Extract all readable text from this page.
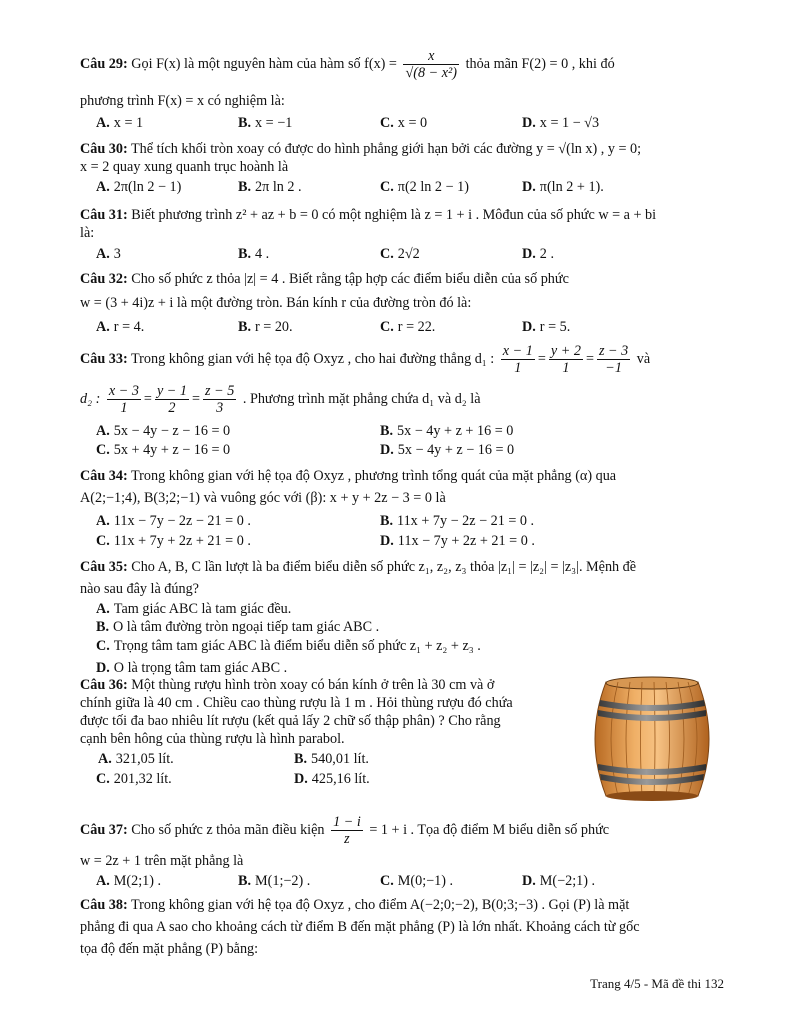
Câu 29: Gọi F(x) là một nguyên hàm của hàm số $f(x) = \frac{x}{\text{√(8 − x²)}}$ thỏa mãn F(2) = 0 , khi đó
phương trình F(x) = x có nghiệm là:
A. x = 1	B. x = −1	C. x = 0	D. x = 1 − √3
Câu 30: Thể tích khối tròn xoay có được do hình phẳng giới hạn bởi các đường y = √(ln x) , y = 0;
x = 2 quay xung quanh trục hoành là
A. 2π(ln 2 − 1)	B. 2π ln 2 .	C. π(2 ln 2 − 1)	D. π(ln 2 + 1).
Câu 31: Biết phương trình z² + az + b = 0 có một nghiệm là z = 1 + i . Môđun của số phức w = a + bi
là:
A. 3	B. 4 .	C. 2√2	D. 2 .
Câu 32: Cho số phức z thỏa |z| = 4 . Biết rằng tập hợp các điểm biểu diễn của số phức
w = (3 + 4i)z + i là một đường tròn. Bán kính r của đường tròn đó là:
A. r = 4.	B. r = 20.	C. r = 22.	D. r = 5.
Câu 33: Trong không gian với hệ tọa độ Oxyz , cho hai đường thẳng d₁ : $\frac{x - 1}{1} = \frac{y + 2}{1} = \frac{z - 3}{-1}$ và
d₂ : $\frac{x - 3}{1} = \frac{y - 1}{2} = \frac{z - 5}{3}$ . Phương trình mặt phẳng chứa d₁ và d₂ là
A. 5x − 4y − z − 16 = 0	B. 5x − 4y + z + 16 = 0
C. 5x + 4y + z − 16 = 0	D. 5x − 4y + z − 16 = 0
Câu 34: Trong không gian với hệ tọa độ Oxyz , phương trình tổng quát của mặt phẳng (α) qua
A(2;−1;4), B(3;2;−1) và vuông góc với (β): x + y + 2z − 3 = 0 là
A. 11x − 7y − 2z − 21 = 0 .	B. 11x + 7y − 2z − 21 = 0 .
C. 11x + 7y + 2z + 21 = 0 .	D. 11x − 7y + 2z + 21 = 0 .
Câu 35: Cho A, B, C lần lượt là ba điểm biểu diễn số phức z₁, z₂, z₃ thỏa |z₁| = |z₂| = |z₃|. Mệnh đề
nào sau đây là đúng?
A. Tam giác ABC là tam giác đều.
B. O là tâm đường tròn ngoại tiếp tam giác ABC .
C. Trọng tâm tam giác ABC là điểm biểu diễn số phức z₁ + z₂ + z₃ .
D. O là trọng tâm tam giác ABC .
Câu 36: Một thùng rượu hình tròn xoay có bán kính ở trên là 30 cm và ở
chính giữa là 40 cm . Chiều cao thùng rượu là 1 m . Hỏi thùng rượu đó chứa
được tối đa bao nhiêu lít rượu (kết quả lấy 2 chữ số thập phân) ? Cho rằng
cạnh bên hông của thùng rượu là hình parabol.
A. 321,05 lít.	B. 540,01 lít.
C. 201,32 lít.	D. 425,16 lít.
Câu 37: Cho số phức z thỏa mãn điều kiện $\frac{1 - i}{z} = 1 + i$ . Tọa độ điểm M biểu diễn số phức
w = 2z + 1 trên mặt phẳng là
A. M(2;1) .	B. M(1;−2) .	C. M(0;−1) .	D. M(−2;1) .
Câu 38: Trong không gian với hệ tọa độ Oxyz , cho điểm A(−2;0;−2), B(0;3;−3) . Gọi (P) là mặt
phẳng đi qua A sao cho khoảng cách từ điểm B đến mặt phẳng (P) là lớn nhất. Khoảng cách từ gốc
tọa độ đến mặt phẳng (P) bằng:
Trang 4/5 - Mã đề thi 132
